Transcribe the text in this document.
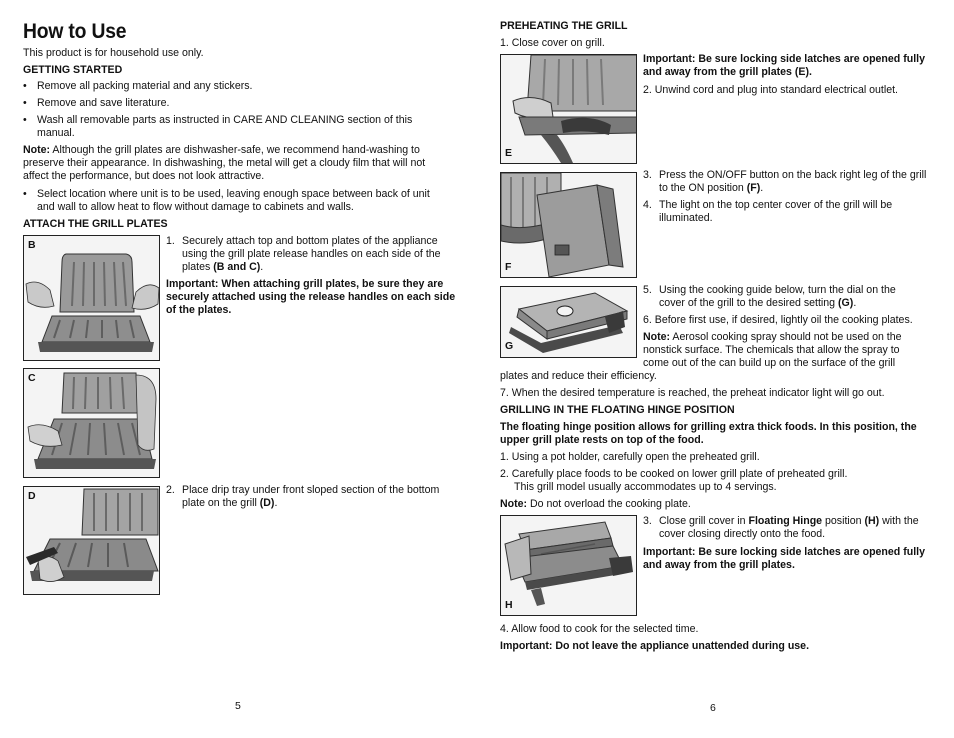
How to Use
This product is for household use only.
GETTING STARTED
• Remove all packing material and any stickers.
• Remove and save literature.
• Wash all removable parts as instructed in CARE AND CLEANING section of this
manual.
Note: Although the grill plates are dishwasher-safe, we recommend hand-washing to
preserve their appearance. In dishwashing, the metal will get a cloudy film that will not
affect the performance, but does not look attractive.
• Select location where unit is to be used, leaving enough space between back of unit
and wall to allow heat to flow without damage to cabinets and walls.
ATTACH THE GRILL PLATES
B
C
D
1. Securely attach top and bottom plates of the appliance
using the grill plate release handles on each side of the
plates (B and C).
Important: When attaching grill plates, be sure they are
securely attached using the release handles on each side
of the plates.
2. Place drip tray under front sloped section of the bottom
plate on the grill (D).
5
PREHEATING THE GRILL
1. Close cover on grill.
E
Important: Be sure locking side latches are opened fully
and away from the grill plates (E).
2. Unwind cord and plug into standard electrical outlet.
F
3. Press the ON/OFF button on the back right leg of the grill
to the ON position (F).
4. The light on the top center cover of the grill will be
illuminated.
G
5. Using the cooking guide below, turn the dial on the
cover of the grill to the desired setting (G).
6. Before first use, if desired, lightly oil the cooking plates.
Note: Aerosol cooking spray should not be used on the
nonstick surface. The chemicals that allow the spray to
come out of the can build up on the surface of the grill
plates and reduce their efficiency.
7. When the desired temperature is reached, the preheat indicator light will go out.
GRILLING IN THE FLOATING HINGE POSITION
The floating hinge position allows for grilling extra thick foods. In this position, the
upper grill plate rests on top of the food.
1. Using a pot holder, carefully open the preheated grill.
2. Carefully place foods to be cooked on lower grill plate of preheated grill.
This grill model usually accommodates up to 4 servings.
Note: Do not overload the cooking plate.
H
3. Close grill cover in Floating Hinge position (H) with the
cover closing directly onto the food.
Important: Be sure locking side latches are opened fully
and away from the grill plates.
4. Allow food to cook for the selected time.
Important: Do not leave the appliance unattended during use.
6
